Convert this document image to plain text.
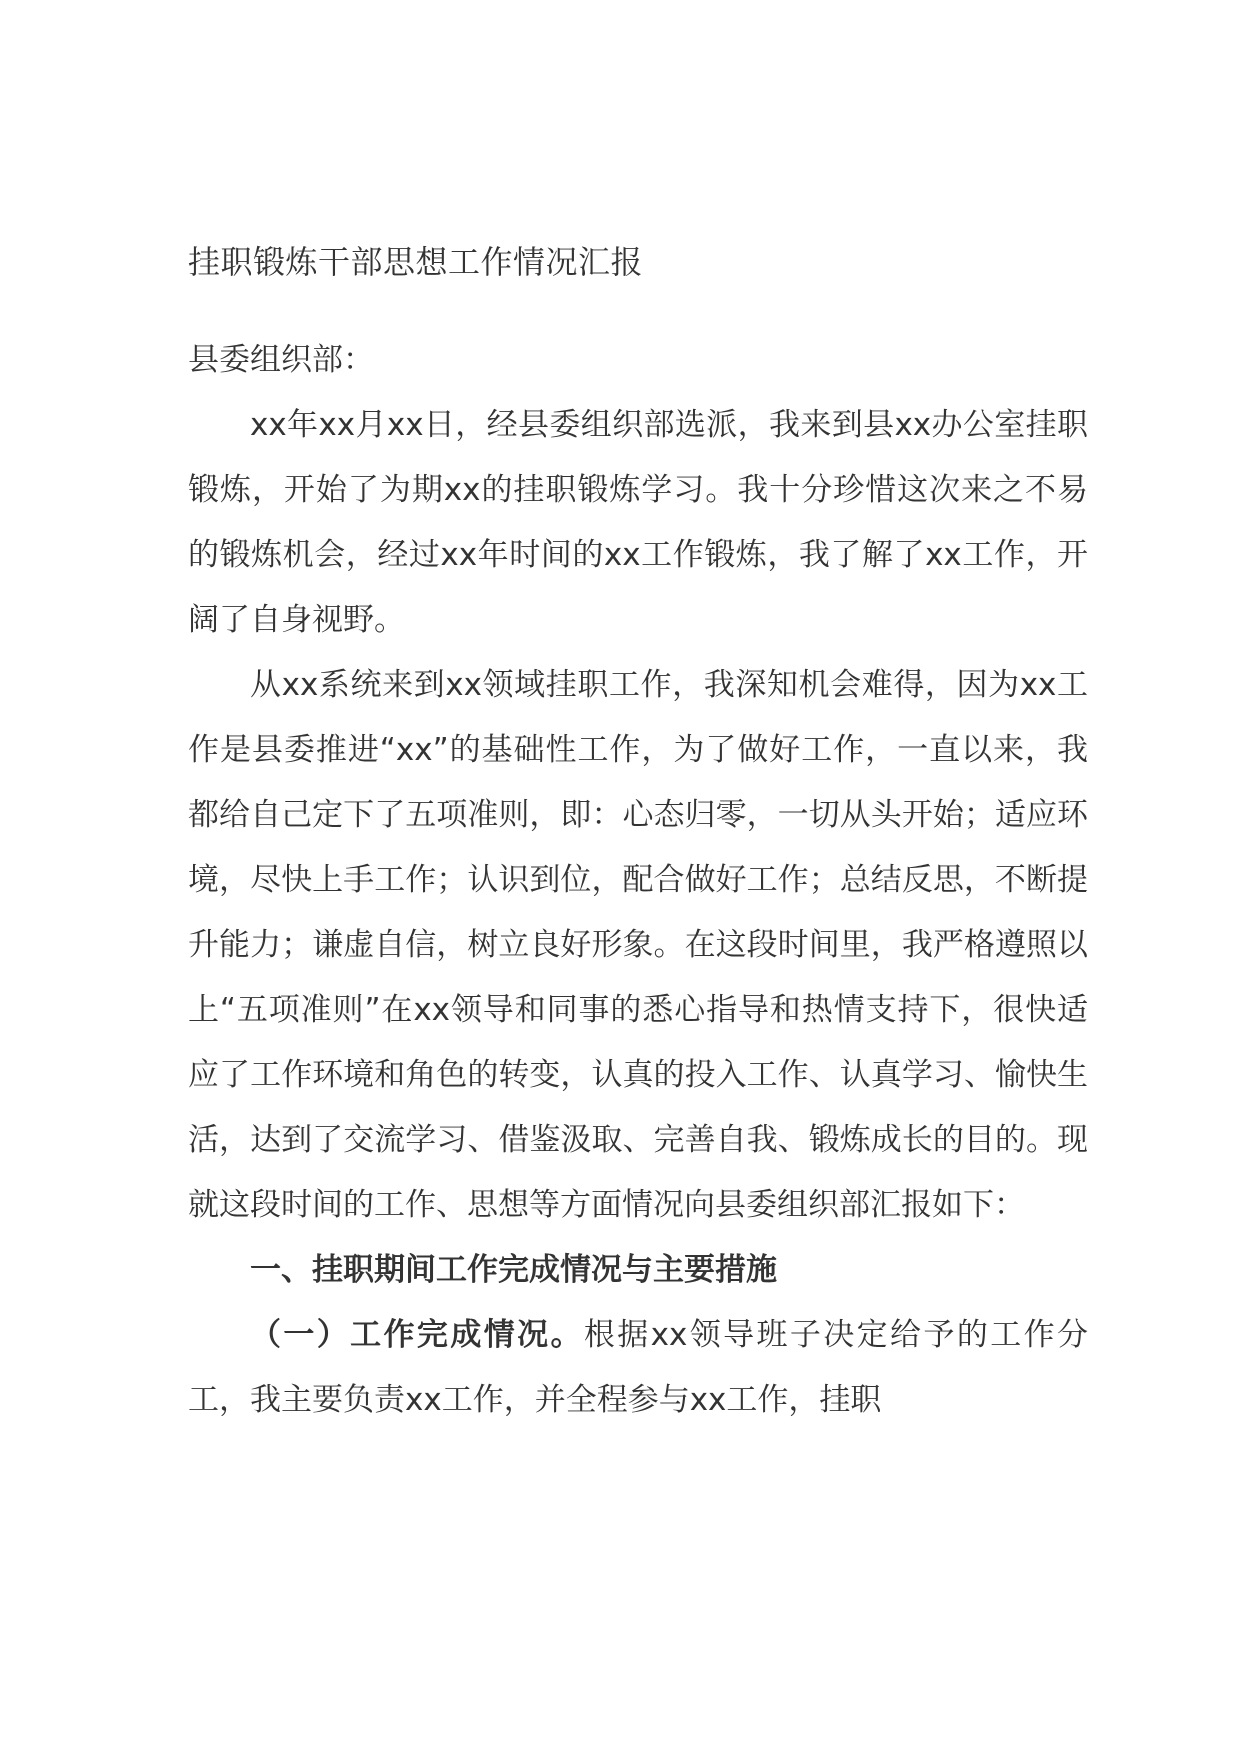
挂职锻炼干部思想工作情况汇报

县委组织部：

xx年xx月xx日，经县委组织部选派，我来到县xx办公室挂职锻炼，开始了为期xx的挂职锻炼学习。我十分珍惜这次来之不易的锻炼机会，经过xx年时间的xx工作锻炼，我了解了xx工作，开阔了自身视野。

从xx系统来到xx领域挂职工作，我深知机会难得，因为xx工作是县委推进“xx”的基础性工作，为了做好工作，一直以来，我都给自己定下了五项准则，即：心态归零，一切从头开始；适应环境，尽快上手工作；认识到位，配合做好工作；总结反思，不断提升能力；谦虚自信，树立良好形象。在这段时间里，我严格遵照以上“五项准则”在xx领导和同事的悉心指导和热情支持下，很快适应了工作环境和角色的转变，认真的投入工作、认真学习、愉快生活，达到了交流学习、借鉴汲取、完善自我、锻炼成长的目的。现就这段时间的工作、思想等方面情况向县委组织部汇报如下：

一、挂职期间工作完成情况与主要措施

（一）工作完成情况。根据xx领导班子决定给予的工作分工，我主要负责xx工作，并全程参与xx工作，挂职
